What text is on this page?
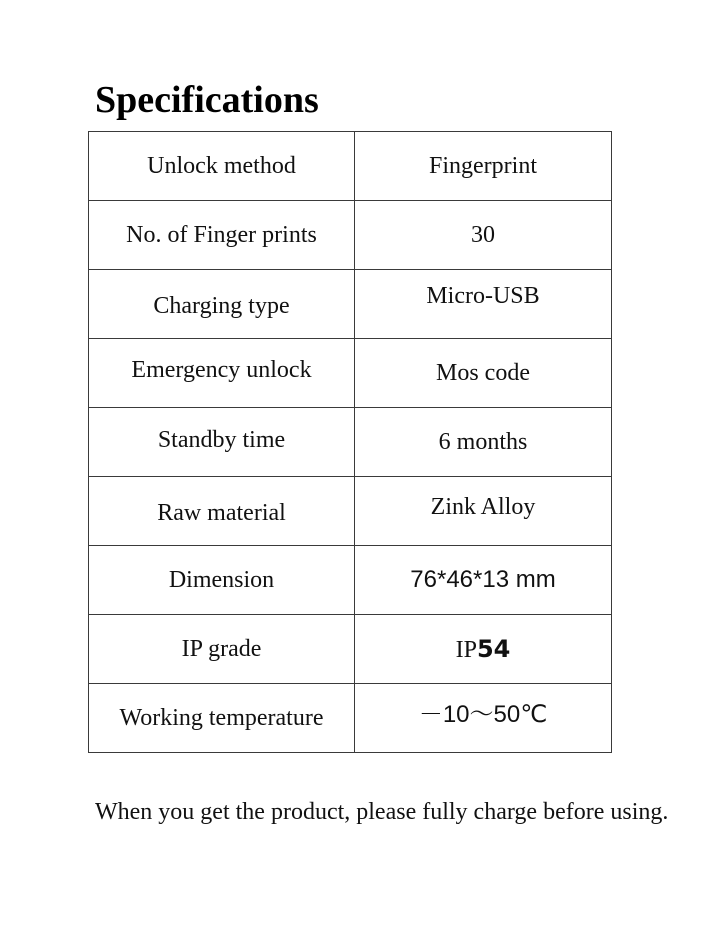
Specifications
Unlock method	Fingerprint
No. of Finger prints	30
Charging type	Micro-USB
Emergency unlock	Mos code
Standby time	6 months
Raw material	Zink Alloy
Dimension	76*46*13 mm
IP grade	IP54
Working temperature	－10～50℃

When you get the product, please fully charge before using.
